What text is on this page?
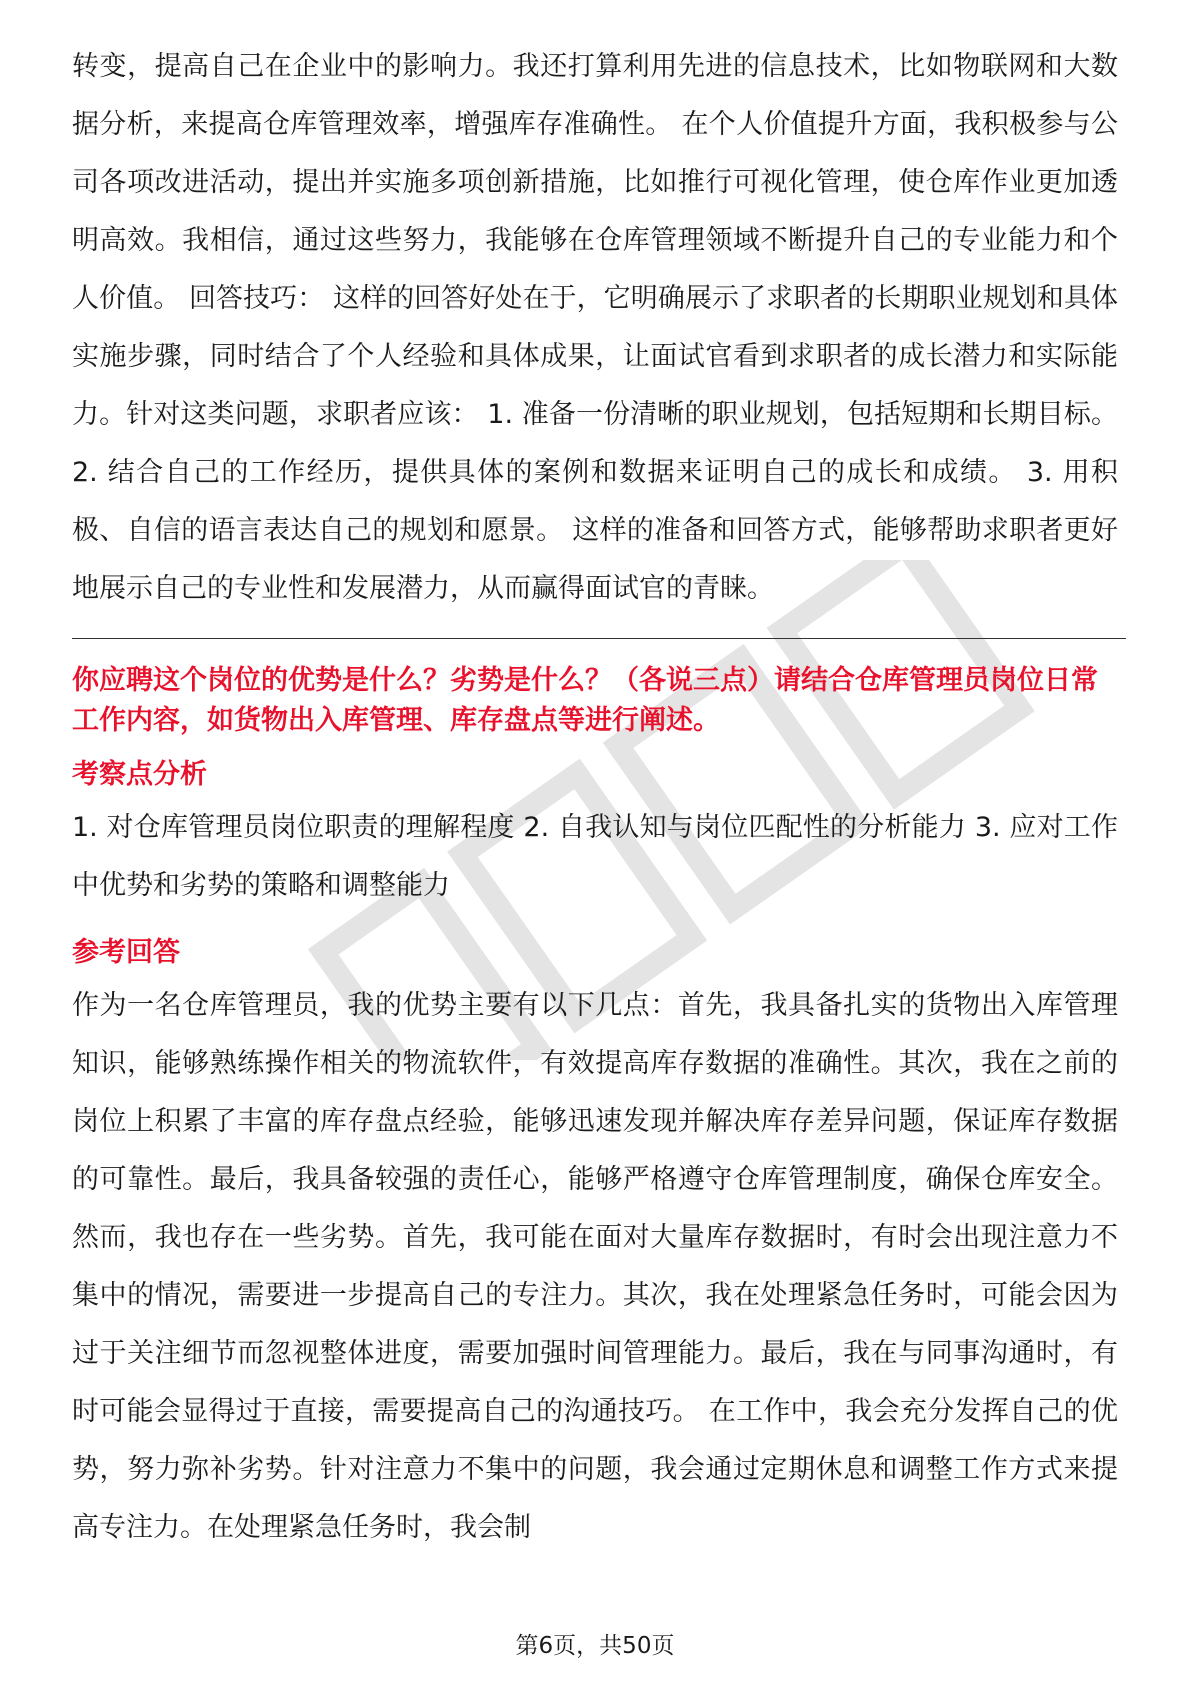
转变，提高自己在企业中的影响力。我还打算利用先进的信息技术，比如物联网和大数据分析，来提高仓库管理效率，增强库存准确性。 在个人价值提升方面，我积极参与公司各项改进活动，提出并实施多项创新措施，比如推行可视化管理，使仓库作业更加透明高效。我相信，通过这些努力，我能够在仓库管理领域不断提升自己的专业能力和个人价值。 回答技巧： 这样的回答好处在于，它明确展示了求职者的长期职业规划和具体实施步骤，同时结合了个人经验和具体成果，让面试官看到求职者的成长潜力和实际能力。针对这类问题，求职者应该： 1. 准备一份清晰的职业规划，包括短期和长期目标。 2. 结合自己的工作经历，提供具体的案例和数据来证明自己的成长和成绩。 3. 用积极、自信的语言表达自己的规划和愿景。 这样的准备和回答方式，能够帮助求职者更好地展示自己的专业性和发展潜力，从而赢得面试官的青睐。

你应聘这个岗位的优势是什么？劣势是什么？（各说三点）请结合仓库管理员岗位日常工作内容，如货物出入库管理、库存盘点等进行阐述。

考察点分析

1. 对仓库管理员岗位职责的理解程度 2. 自我认知与岗位匹配性的分析能力 3. 应对工作中优势和劣势的策略和调整能力

参考回答

作为一名仓库管理员，我的优势主要有以下几点：首先，我具备扎实的货物出入库管理知识，能够熟练操作相关的物流软件，有效提高库存数据的准确性。其次，我在之前的岗位上积累了丰富的库存盘点经验，能够迅速发现并解决库存差异问题，保证库存数据的可靠性。最后，我具备较强的责任心，能够严格遵守仓库管理制度，确保仓库安全。 然而，我也存在一些劣势。首先，我可能在面对大量库存数据时，有时会出现注意力不集中的情况，需要进一步提高自己的专注力。其次，我在处理紧急任务时，可能会因为过于关注细节而忽视整体进度，需要加强时间管理能力。最后，我在与同事沟通时，有时可能会显得过于直接，需要提高自己的沟通技巧。 在工作中，我会充分发挥自己的优势，努力弥补劣势。针对注意力不集中的问题，我会通过定期休息和调整工作方式来提高专注力。在处理紧急任务时，我会制

第6页，共50页
